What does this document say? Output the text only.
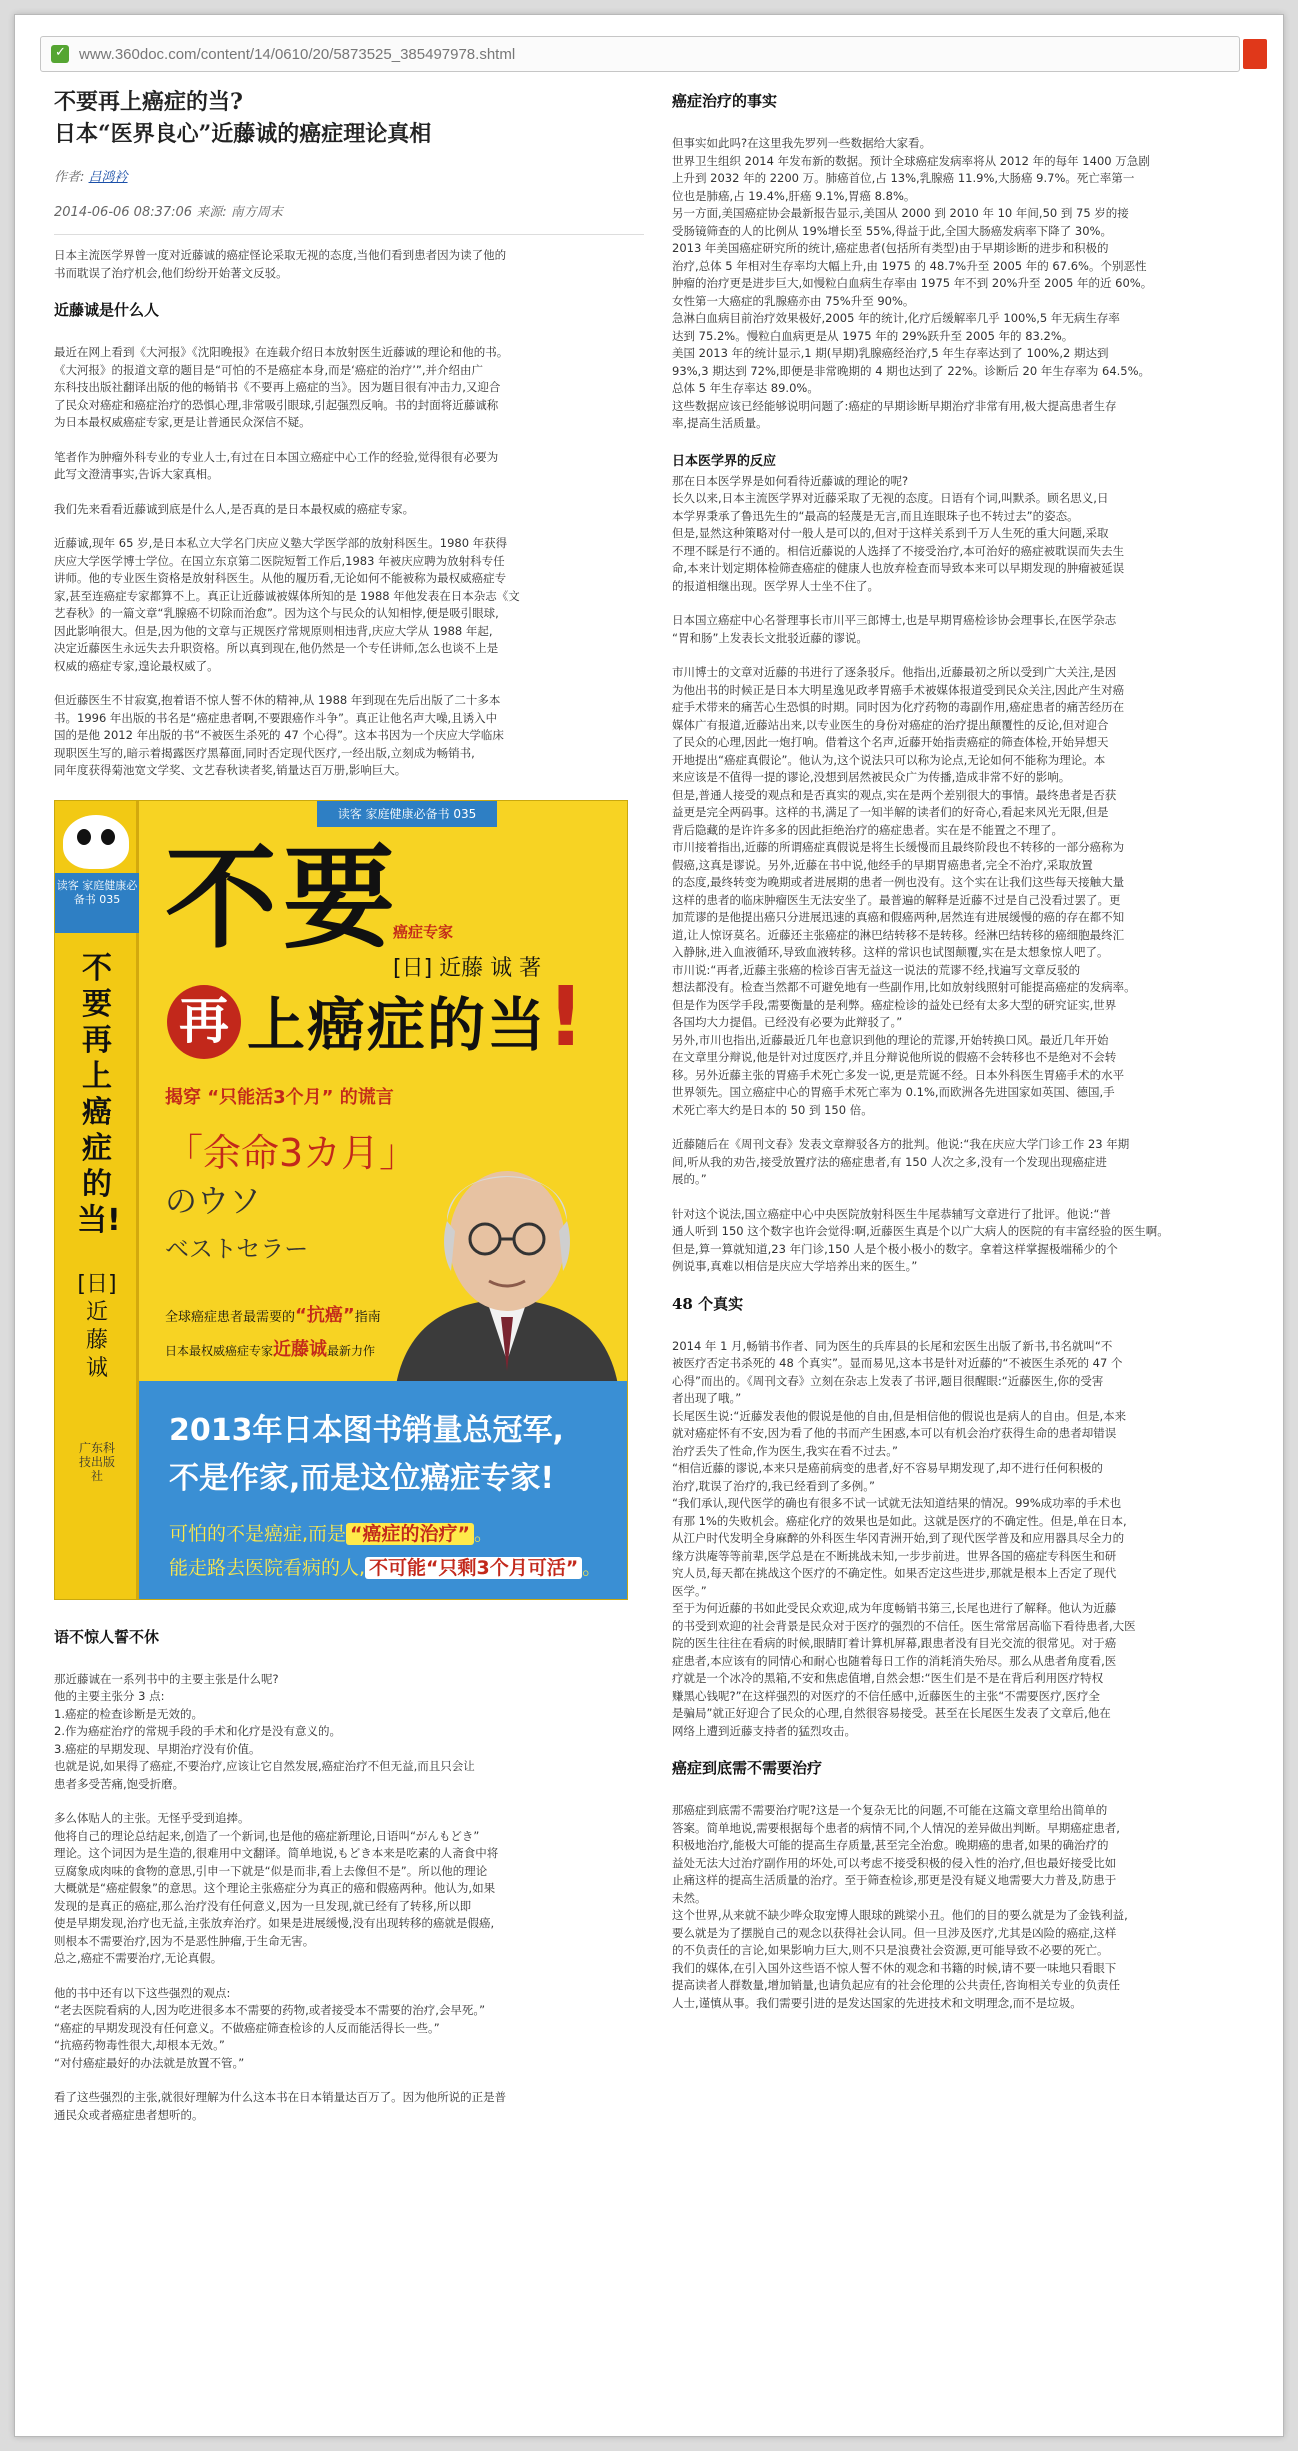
✓
www.360doc.com/content/14/0610/20/5873525_385497978.shtml
不要再上癌症的当?
日本“医界良心”近藤诚的癌症理论真相
作者: 吕鸿衿
2014-06-06 08:37:06 来源: 南方周末
日本主流医学界曾一度对近藤诚的癌症怪论采取无视的态度,当他们看到患者因为读了他的
书而耽误了治疗机会,他们纷纷开始著文反驳。
近藤诚是什么人
最近在网上看到《大河报》《沈阳晚报》在连载介绍日本放射医生近藤诚的理论和他的书。
《大河报》的报道文章的题目是“可怕的不是癌症本身,而是‘癌症的治疗’”,并介绍由广
东科技出版社翻译出版的他的畅销书《不要再上癌症的当》。因为题目很有冲击力,又迎合
了民众对癌症和癌症治疗的恐惧心理,非常吸引眼球,引起强烈反响。书的封面将近藤诚称
为日本最权威癌症专家,更是让普通民众深信不疑。
笔者作为肿瘤外科专业的专业人士,有过在日本国立癌症中心工作的经验,觉得很有必要为
此写文澄清事实,告诉大家真相。
我们先来看看近藤诚到底是什么人,是否真的是日本最权威的癌症专家。
近藤诚,现年 65 岁,是日本私立大学名门庆应义塾大学医学部的放射科医生。1980 年获得
庆应大学医学博士学位。在国立东京第二医院短暂工作后,1983 年被庆应聘为放射科专任
讲师。他的专业医生资格是放射科医生。从他的履历看,无论如何不能被称为最权威癌症专
家,甚至连癌症专家都算不上。真正让近藤诚被媒体所知的是 1988 年他发表在日本杂志《文
艺春秋》的一篇文章“乳腺癌不切除而治愈”。因为这个与民众的认知相悖,便是吸引眼球,
因此影响很大。但是,因为他的文章与正规医疗常规原则相违背,庆应大学从 1988 年起,
决定近藤医生永远失去升职资格。所以真到现在,他仍然是一个专任讲师,怎么也谈不上是
权威的癌症专家,遑论最权威了。
但近藤医生不甘寂寞,抱着语不惊人誓不休的精神,从 1988 年到现在先后出版了二十多本
书。1996 年出版的书名是“癌症患者啊,不要跟癌作斗争”。真正让他名声大噪,且诱入中
国的是他 2012 年出版的书“不被医生杀死的 47 个心得”。这本书因为一个庆应大学临床
现职医生写的,暗示着揭露医疗黑幕面,同时否定现代医疗,一经出版,立刻成为畅销书,
同年度获得菊池宽文学奖、文艺春秋读者奖,销量达百万册,影响巨大。
读客 家庭健康必备书 035
不要再上癌症的当!
[日]近藤诚
广东科技出版社
读客 家庭健康必备书 035
不要
癌症专家
[日] 近藤 诚 著
再 上癌症的当!
揭穿 “只能活3个月” 的谎言
「余命3カ月」
のウソ
ベストセラー
全球癌症患者最需要的“抗癌”指南
日本最权威癌症专家近藤诚最新力作
2013年日本图书销量总冠军,
不是作家,而是这位癌症专家!
可怕的不是癌症,而是 “癌症的治疗” 。
能走路去医院看病的人, 不可能“只剩3个月可活” 。
语不惊人誓不休
那近藤诚在一系列书中的主要主张是什么呢?
他的主要主张分 3 点:
1.癌症的检查诊断是无效的。
2.作为癌症治疗的常规手段的手术和化疗是没有意义的。
3.癌症的早期发现、早期治疗没有价值。
也就是说,如果得了癌症,不要治疗,应该让它自然发展,癌症治疗不但无益,而且只会让
患者多受苦痛,饱受折磨。
多么体贴人的主张。无怪乎受到追捧。
他将自己的理论总结起来,创造了一个新词,也是他的癌症新理论,日语叫“がんもどき”
理论。这个词因为是生造的,很难用中文翻译。简单地说,もどき本来是吃素的人斋食中将
豆腐象成肉味的食物的意思,引申一下就是“似是而非,看上去像但不是”。所以他的理论
大概就是“癌症假象”的意思。这个理论主张癌症分为真正的癌和假癌两种。他认为,如果
发现的是真正的癌症,那么治疗没有任何意义,因为一旦发现,就已经有了转移,所以即
使是早期发现,治疗也无益,主张放弃治疗。如果是进展缓慢,没有出现转移的癌就是假癌,
则根本不需要治疗,因为不是恶性肿瘤,于生命无害。
总之,癌症不需要治疗,无论真假。
他的书中还有以下这些强烈的观点:
“老去医院看病的人,因为吃进很多本不需要的药物,或者接受本不需要的治疗,会早死。”
“癌症的早期发现没有任何意义。不做癌症筛查检诊的人反而能活得长一些。”
“抗癌药物毒性很大,却根本无效。”
“对付癌症最好的办法就是放置不管。”
看了这些强烈的主张,就很好理解为什么这本书在日本销量达百万了。因为他所说的正是普
通民众或者癌症患者想听的。
癌症治疗的事实
但事实如此吗?在这里我先罗列一些数据给大家看。
世界卫生组织 2014 年发布新的数据。预计全球癌症发病率将从 2012 年的每年 1400 万急剧
上升到 2032 年的 2200 万。肺癌首位,占 13%,乳腺癌 11.9%,大肠癌 9.7%。死亡率第一
位也是肺癌,占 19.4%,肝癌 9.1%,胃癌 8.8%。
另一方面,美国癌症协会最新报告显示,美国从 2000 到 2010 年 10 年间,50 到 75 岁的接
受肠镜筛查的人的比例从 19%增长至 55%,得益于此,全国大肠癌发病率下降了 30%。
2013 年美国癌症研究所的统计,癌症患者(包括所有类型)由于早期诊断的进步和积极的
治疗,总体 5 年相对生存率均大幅上升,由 1975 的 48.7%升至 2005 年的 67.6%。个别恶性
肿瘤的治疗更是进步巨大,如慢粒白血病生存率由 1975 年不到 20%升至 2005 年的近 60%。
女性第一大癌症的乳腺癌亦由 75%升至 90%。
急淋白血病目前治疗效果极好,2005 年的统计,化疗后缓解率几乎 100%,5 年无病生存率
达到 75.2%。慢粒白血病更是从 1975 年的 29%跃升至 2005 年的 83.2%。
美国 2013 年的统计显示,1 期(早期)乳腺癌经治疗,5 年生存率达到了 100%,2 期达到
93%,3 期达到 72%,即便是非常晚期的 4 期也达到了 22%。诊断后 20 年生存率为 64.5%。
总体 5 年生存率达 89.0%。
这些数据应该已经能够说明问题了:癌症的早期诊断早期治疗非常有用,极大提高患者生存
率,提高生活质量。
日本医学界的反应
那在日本医学界是如何看待近藤诚的理论的呢?
长久以来,日本主流医学界对近藤采取了无视的态度。日语有个词,叫默杀。顾名思义,日
本学界秉承了鲁迅先生的“最高的轻蔑是无言,而且连眼珠子也不转过去”的姿态。
但是,显然这种策略对付一般人是可以的,但对于这样关系到千万人生死的重大问题,采取
不理不睬是行不通的。相信近藤说的人选择了不接受治疗,本可治好的癌症被耽误而失去生
命,本来计划定期体检筛查癌症的健康人也放弃检查而导致本来可以早期发现的肿瘤被延误
的报道相继出现。医学界人士坐不住了。
日本国立癌症中心名誉理事长市川平三郎博士,也是早期胃癌检诊协会理事长,在医学杂志
“胃和肠”上发表长文批驳近藤的谬说。
市川博士的文章对近藤的书进行了逐条驳斥。他指出,近藤最初之所以受到广大关注,是因
为他出书的时候正是日本大明星逸见政孝胃癌手术被媒体报道受到民众关注,因此产生对癌
症手术带来的痛苦心生恐惧的时期。同时因为化疗药物的毒副作用,癌症患者的痛苦经历在
媒体广有报道,近藤站出来,以专业医生的身份对癌症的治疗提出颠覆性的反论,但对迎合
了民众的心理,因此一炮打响。借着这个名声,近藤开始指责癌症的筛查体检,开始异想天
开地提出“癌症真假论”。他认为,这个说法只可以称为论点,无论如何不能称为理论。本
来应该是不值得一提的谬论,没想到居然被民众广为传播,造成非常不好的影响。
但是,普通人接受的观点和是否真实的观点,实在是两个差别很大的事情。最终患者是否获
益更是完全两码事。这样的书,满足了一知半解的读者们的好奇心,看起来风光无限,但是
背后隐藏的是许许多多的因此拒绝治疗的癌症患者。实在是不能置之不理了。
市川接着指出,近藤的所谓癌症真假说是将生长缓慢而且最终阶段也不转移的一部分癌称为
假癌,这真是谬说。另外,近藤在书中说,他经手的早期胃癌患者,完全不治疗,采取放置
的态度,最终转变为晚期或者进展期的患者一例也没有。这个实在让我们这些每天接触大量
这样的患者的临床肿瘤医生无法安坐了。最普遍的解释是近藤不过是自己没看过罢了。更
加荒谬的是他提出癌只分进展迅速的真癌和假癌两种,居然连有进展缓慢的癌的存在都不知
道,让人惊讶莫名。近藤还主张癌症的淋巴结转移不是转移。经淋巴结转移的癌细胞最终汇
入静脉,进入血液循环,导致血液转移。这样的常识也试图颠覆,实在是太想象惊人吧了。
市川说:“再者,近藤主张癌的检诊百害无益这一说法的荒谬不经,找遍写文章反驳的
想法都没有。检查当然都不可避免地有一些副作用,比如放射线照射可能提高癌症的发病率。
但是作为医学手段,需要衡量的是利弊。癌症检诊的益处已经有太多大型的研究证实,世界
各国均大力提倡。已经没有必要为此辩驳了。”
另外,市川也指出,近藤最近几年也意识到他的理论的荒谬,开始转换口风。最近几年开始
在文章里分辩说,他是针对过度医疗,并且分辩说他所说的假癌不会转移也不是绝对不会转
移。另外近藤主张的胃癌手术死亡多发一说,更是荒诞不经。日本外科医生胃癌手术的水平
世界领先。国立癌症中心的胃癌手术死亡率为 0.1%,而欧洲各先进国家如英国、德国,手
术死亡率大约是日本的 50 到 150 倍。
近藤随后在《周刊文春》发表文章辩驳各方的批判。他说:“我在庆应大学门诊工作 23 年期
间,听从我的劝告,接受放置疗法的癌症患者,有 150 人次之多,没有一个发现出现癌症进
展的。”
针对这个说法,国立癌症中心中央医院放射科医生牛尾恭辅写文章进行了批评。他说:“普
通人听到 150 这个数字也许会觉得:啊,近藤医生真是个以广大病人的医院的有丰富经验的医生啊。
但是,算一算就知道,23 年门诊,150 人是个极小极小的数字。拿着这样掌握极端稀少的个
例说事,真难以相信是庆应大学培养出来的医生。”
48 个真实
2014 年 1 月,畅销书作者、同为医生的兵库县的长尾和宏医生出版了新书,书名就叫“不
被医疗否定书杀死的 48 个真实”。显而易见,这本书是针对近藤的“不被医生杀死的 47 个
心得”而出的。《周刊文春》立刻在杂志上发表了书评,题目很醒眼:“近藤医生,你的受害
者出现了哦。”
长尾医生说:“近藤发表他的假说是他的自由,但是相信他的假说也是病人的自由。但是,本来
就对癌症怀有不安,因为看了他的书而产生困惑,本可以有机会治疗获得生命的患者却错误
治疗丢失了性命,作为医生,我实在看不过去。”
“相信近藤的谬说,本来只是癌前病变的患者,好不容易早期发现了,却不进行任何积极的
治疗,耽误了治疗的,我已经看到了多例。”
“我们承认,现代医学的确也有很多不试一试就无法知道结果的情况。99%成功率的手术也
有那 1%的失败机会。癌症化疗的效果也是如此。这就是医疗的不确定性。但是,单在日本,
从江户时代发明全身麻醉的外科医生华冈青洲开始,到了现代医学普及和应用器具尽全力的
缘方洪庵等等前辈,医学总是在不断挑战未知,一步步前进。世界各国的癌症专科医生和研
究人员,每天都在挑战这个医疗的不确定性。如果否定这些进步,那就是根本上否定了现代
医学。”
至于为何近藤的书如此受民众欢迎,成为年度畅销书第三,长尾也进行了解释。他认为近藤
的书受到欢迎的社会背景是民众对于医疗的强烈的不信任。医生常常居高临下看待患者,大医
院的医生往往在看病的时候,眼睛盯着计算机屏幕,跟患者没有目光交流的很常见。对于癌
症患者,本应该有的同情心和耐心也随着每日工作的消耗消失殆尽。那么从患者角度看,医
疗就是一个冰冷的黑箱,不安和焦虑值增,自然会想:“医生们是不是在背后利用医疗特权
赚黑心钱呢?”在这样强烈的对医疗的不信任感中,近藤医生的主张“不需要医疗,医疗全
是骗局”就正好迎合了民众的心理,自然很容易接受。甚至在长尾医生发表了文章后,他在
网络上遭到近藤支持者的猛烈攻击。
癌症到底需不需要治疗
那癌症到底需不需要治疗呢?这是一个复杂无比的问题,不可能在这篇文章里给出简单的
答案。简单地说,需要根据每个患者的病情不同,个人情况的差异做出判断。早期癌症患者,
积极地治疗,能极大可能的提高生存质量,甚至完全治愈。晚期癌的患者,如果的确治疗的
益处无法大过治疗副作用的坏处,可以考虑不接受积极的侵入性的治疗,但也最好接受比如
止痛这样的提高生活质量的治疗。至于筛查检诊,那更是没有疑义地需要大力普及,防患于
未然。
这个世界,从来就不缺少哗众取宠博人眼球的跳梁小丑。他们的目的要么就是为了金钱利益,
要么就是为了摆脱自己的观念以获得社会认同。但一旦涉及医疗,尤其是凶险的癌症,这样
的不负责任的言论,如果影响力巨大,则不只是浪费社会资源,更可能导致不必要的死亡。
我们的媒体,在引入国外这些语不惊人誓不休的观念和书籍的时候,请不要一味地只看眼下
提高读者人群数量,增加销量,也请负起应有的社会伦理的公共责任,咨询相关专业的负责任
人士,谨慎从事。我们需要引进的是发达国家的先进技术和文明理念,而不是垃圾。
